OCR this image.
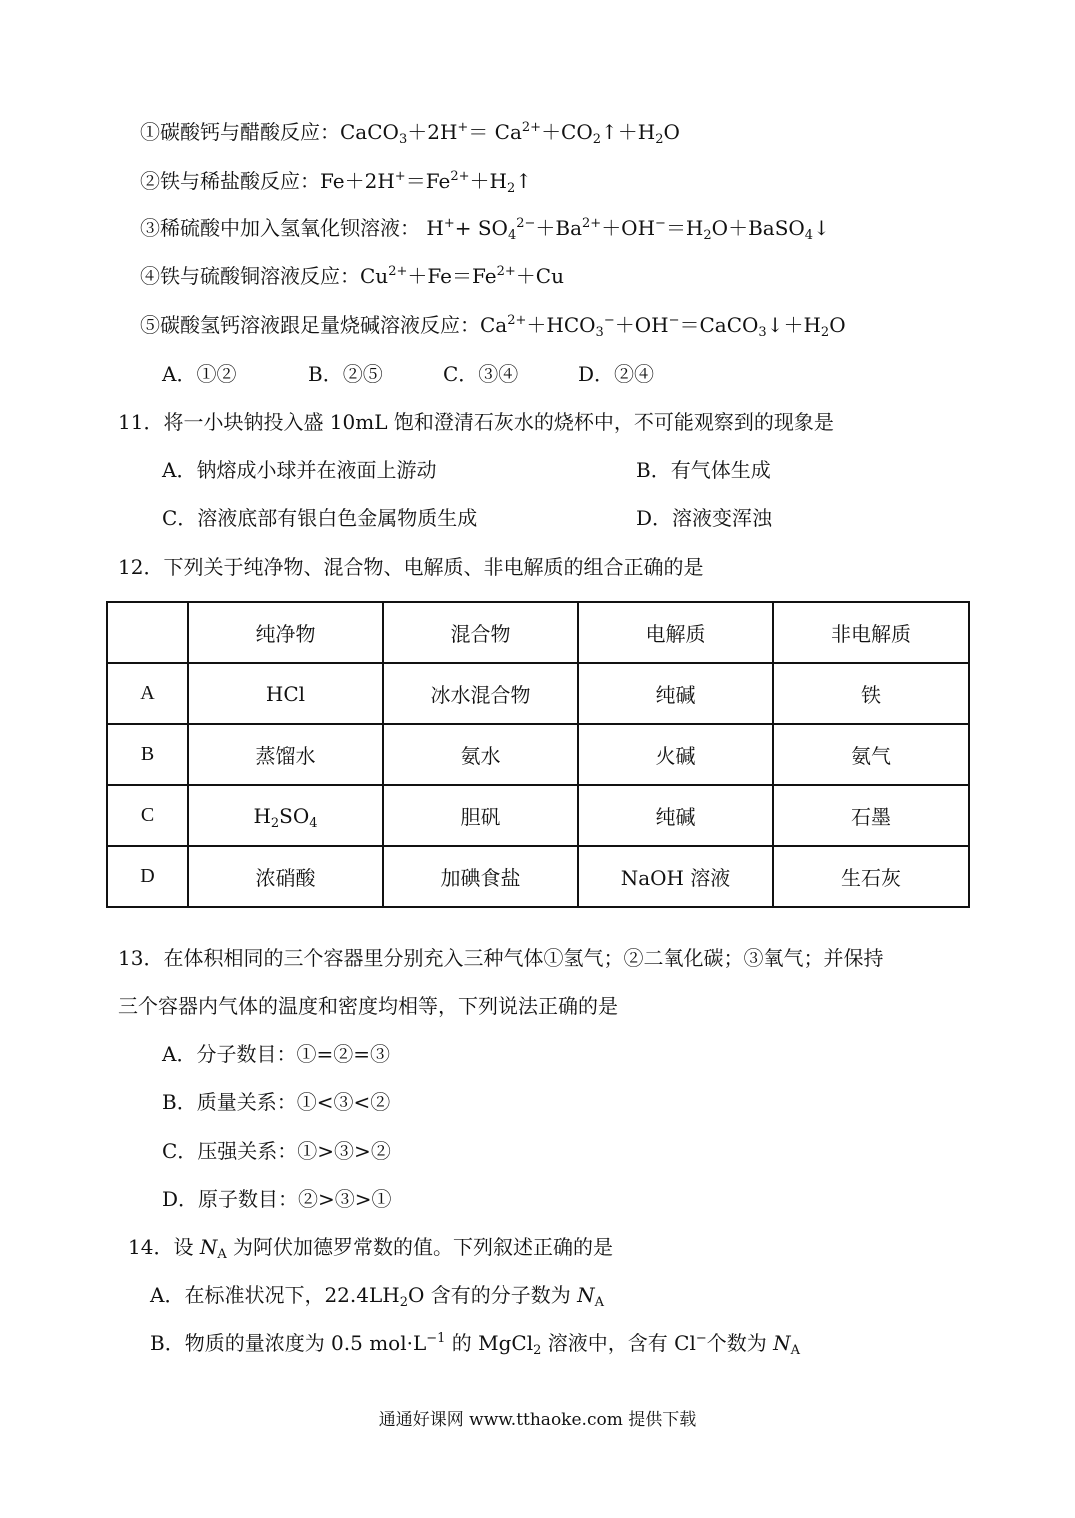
①碳酸钙与醋酸反应：CaCO$_3$＋2H+＝ $Ca^{2+}+CO_2↑+H_2O$
②铁与稀盐酸反应：$Fe+2H^+=Fe^{2+}+H_2↑$
③稀硫酸中加入氢氧化钡溶液： $H^++ SO_4^{2-}+Ba^{2+}+OH^-=H_2O+BaSO_4↓$
④铁与硫酸铜溶液反应：$Cu^{2+}+Fe=Fe^{2+}+Cu$
⑤碳酸氢钙溶液跟足量烧碱溶液反应：$Ca^{2+}+HCO_3^-+OH^-=CaCO_3↓+H_2O$
A．①②	B．②⑤	C．③④	D．②④
11．将一小块钠投入盛 10mL 饱和澄清石灰水的烧杯中，不可能观察到的现象是
A．钠熔成小球并在液面上游动	B．有气体生成
C．溶液底部有银白色金属物质生成	D．溶液变浑浊
12．下列关于纯净物、混合物、电解质、非电解质的组合正确的是
	纯净物	混合物	电解质	非电解质
A	HCl	冰水混合物	纯碱	铁
B	蒸馏水	氨水	火碱	氨气
C	$H_2SO_4$	胆矾	纯碱	石墨
D	浓硝酸	加碘食盐	NaOH 溶液	生石灰
13．在体积相同的三个容器里分别充入三种气体①氢气；②二氧化碳；③氧气；并保持
三个容器内气体的温度和密度均相等，下列说法正确的是
A．分子数目：①=②=③
B．质量关系：①<③<②
C．压强关系：①>③>②
D．原子数目：②>③>①
14．设 $N_A$ 为阿伏加德罗常数的值。下列叙述正确的是
A．在标准状况下，$22.4LH_2O$ 含有的分子数为 $N_A$
B．物质的量浓度为 0.5 $mol\cdot L^{-1}$ 的 MgCl$_2$ 溶液中，含有 Cl−个数为 $N_A$
通通好课网 www.tthaoke.com 提供下载
